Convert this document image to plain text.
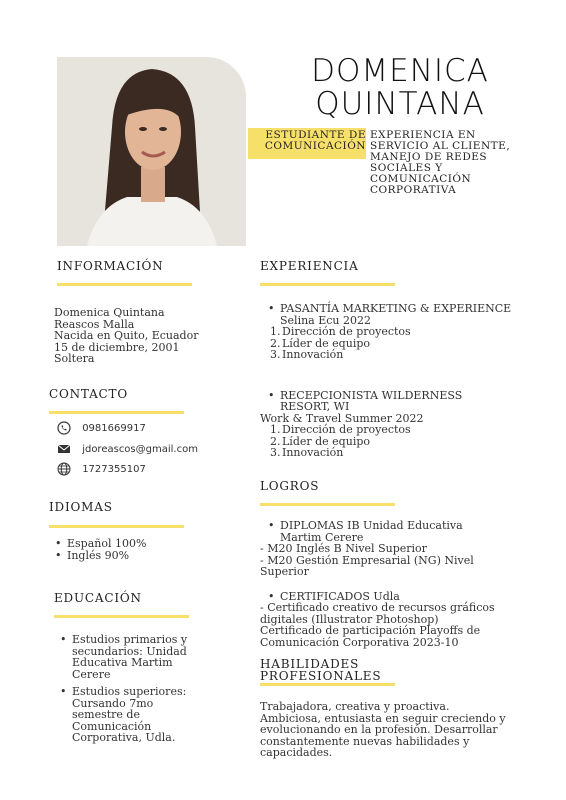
DOMENICA
QUINTANA
ESTUDIANTE DE
COMUNICACIÓN
EXPERIENCIA EN SERVICIO AL CLIENTE, MANEJO DE REDES SOCIALES Y COMUNICACIÓN CORPORATIVA
INFORMACIÓN
Domenica Quintana
Reascos Malla
Nacida en Quito, Ecuador
15 de diciembre, 2001
Soltera
CONTACTO
0981669917
jdoreascos@gmail.com
1727355107
IDIOMAS
• Español 100%
• Inglés 90%
EDUCACIÓN
• Estudios primarios y secundarios: Unidad Educativa Martim Cerere
• Estudios superiores: Cursando 7mo semestre de Comunicación Corporativa, Udla.
EXPERIENCIA
• PASANTÍA MARKETING & EXPERIENCE
Selina Ecu 2022
1. Dirección de proyectos
2. Líder de equipo
3. Innovación
• RECEPCIONISTA WILDERNESS RESORT, WI
Work & Travel Summer 2022
1. Dirección de proyectos
2. Líder de equipo
3. Innovación
LOGROS
• DIPLOMAS IB Unidad Educativa Martim Cerere
- M20 Inglés B Nivel Superior
- M20 Gestión Empresarial (NG) Nivel Superior
• CERTIFICADOS Udla
- Certificado creativo de recursos gráficos digitales (Illustrator Photoshop)
Certificado de participación Playoffs de Comunicación Corporativa 2023-10
HABILIDADES PROFESIONALES
Trabajadora, creativa y proactiva. Ambiciosa, entusiasta en seguir creciendo y evolucionando en la profesión. Desarrollar constantemente nuevas habilidades y capacidades.
